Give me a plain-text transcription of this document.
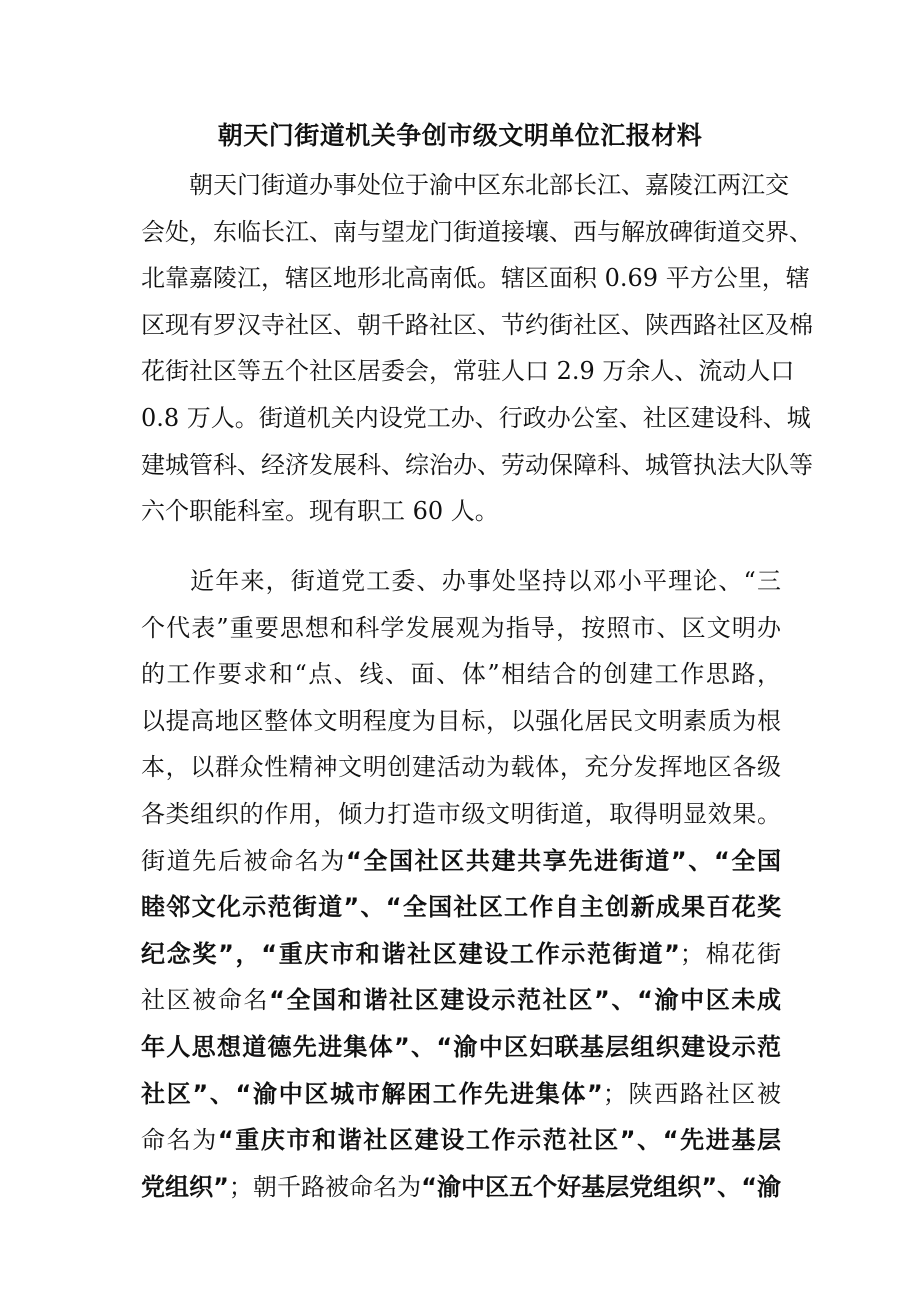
朝天门街道机关争创市级文明单位汇报材料
朝天门街道办事处位于渝中区东北部长江、嘉陵江两江交
会处，东临长江、南与望龙门街道接壤、西与解放碑街道交界、
北靠嘉陵江，辖区地形北高南低。辖区面积 0.69 平方公里，辖
区现有罗汉寺社区、朝千路社区、节约街社区、陕西路社区及棉
花街社区等五个社区居委会，常驻人口 2.9 万余人、流动人口
0.8 万人。街道机关内设党工办、行政办公室、社区建设科、城
建城管科、经济发展科、综治办、劳动保障科、城管执法大队等
六个职能科室。现有职工 60 人。
近年来，街道党工委、办事处坚持以邓小平理论、“三
个代表”重要思想和科学发展观为指导，按照市、区文明办
的工作要求和“点、线、面、体”相结合的创建工作思路，
以提高地区整体文明程度为目标，以强化居民文明素质为根
本，以群众性精神文明创建活动为载体，充分发挥地区各级
各类组织的作用，倾力打造市级文明街道，取得明显效果。
街道先后被命名为“全国社区共建共享先进街道”、“全国
睦邻文化示范街道”、“全国社区工作自主创新成果百花奖
纪念奖”，“重庆市和谐社区建设工作示范街道”；棉花街
社区被命名“全国和谐社区建设示范社区”、“渝中区未成
年人思想道德先进集体”、“渝中区妇联基层组织建设示范
社区”、“渝中区城市解困工作先进集体”；陕西路社区被
命名为“重庆市和谐社区建设工作示范社区”、“先进基层
党组织”；朝千路被命名为“渝中区五个好基层党组织”、“渝
